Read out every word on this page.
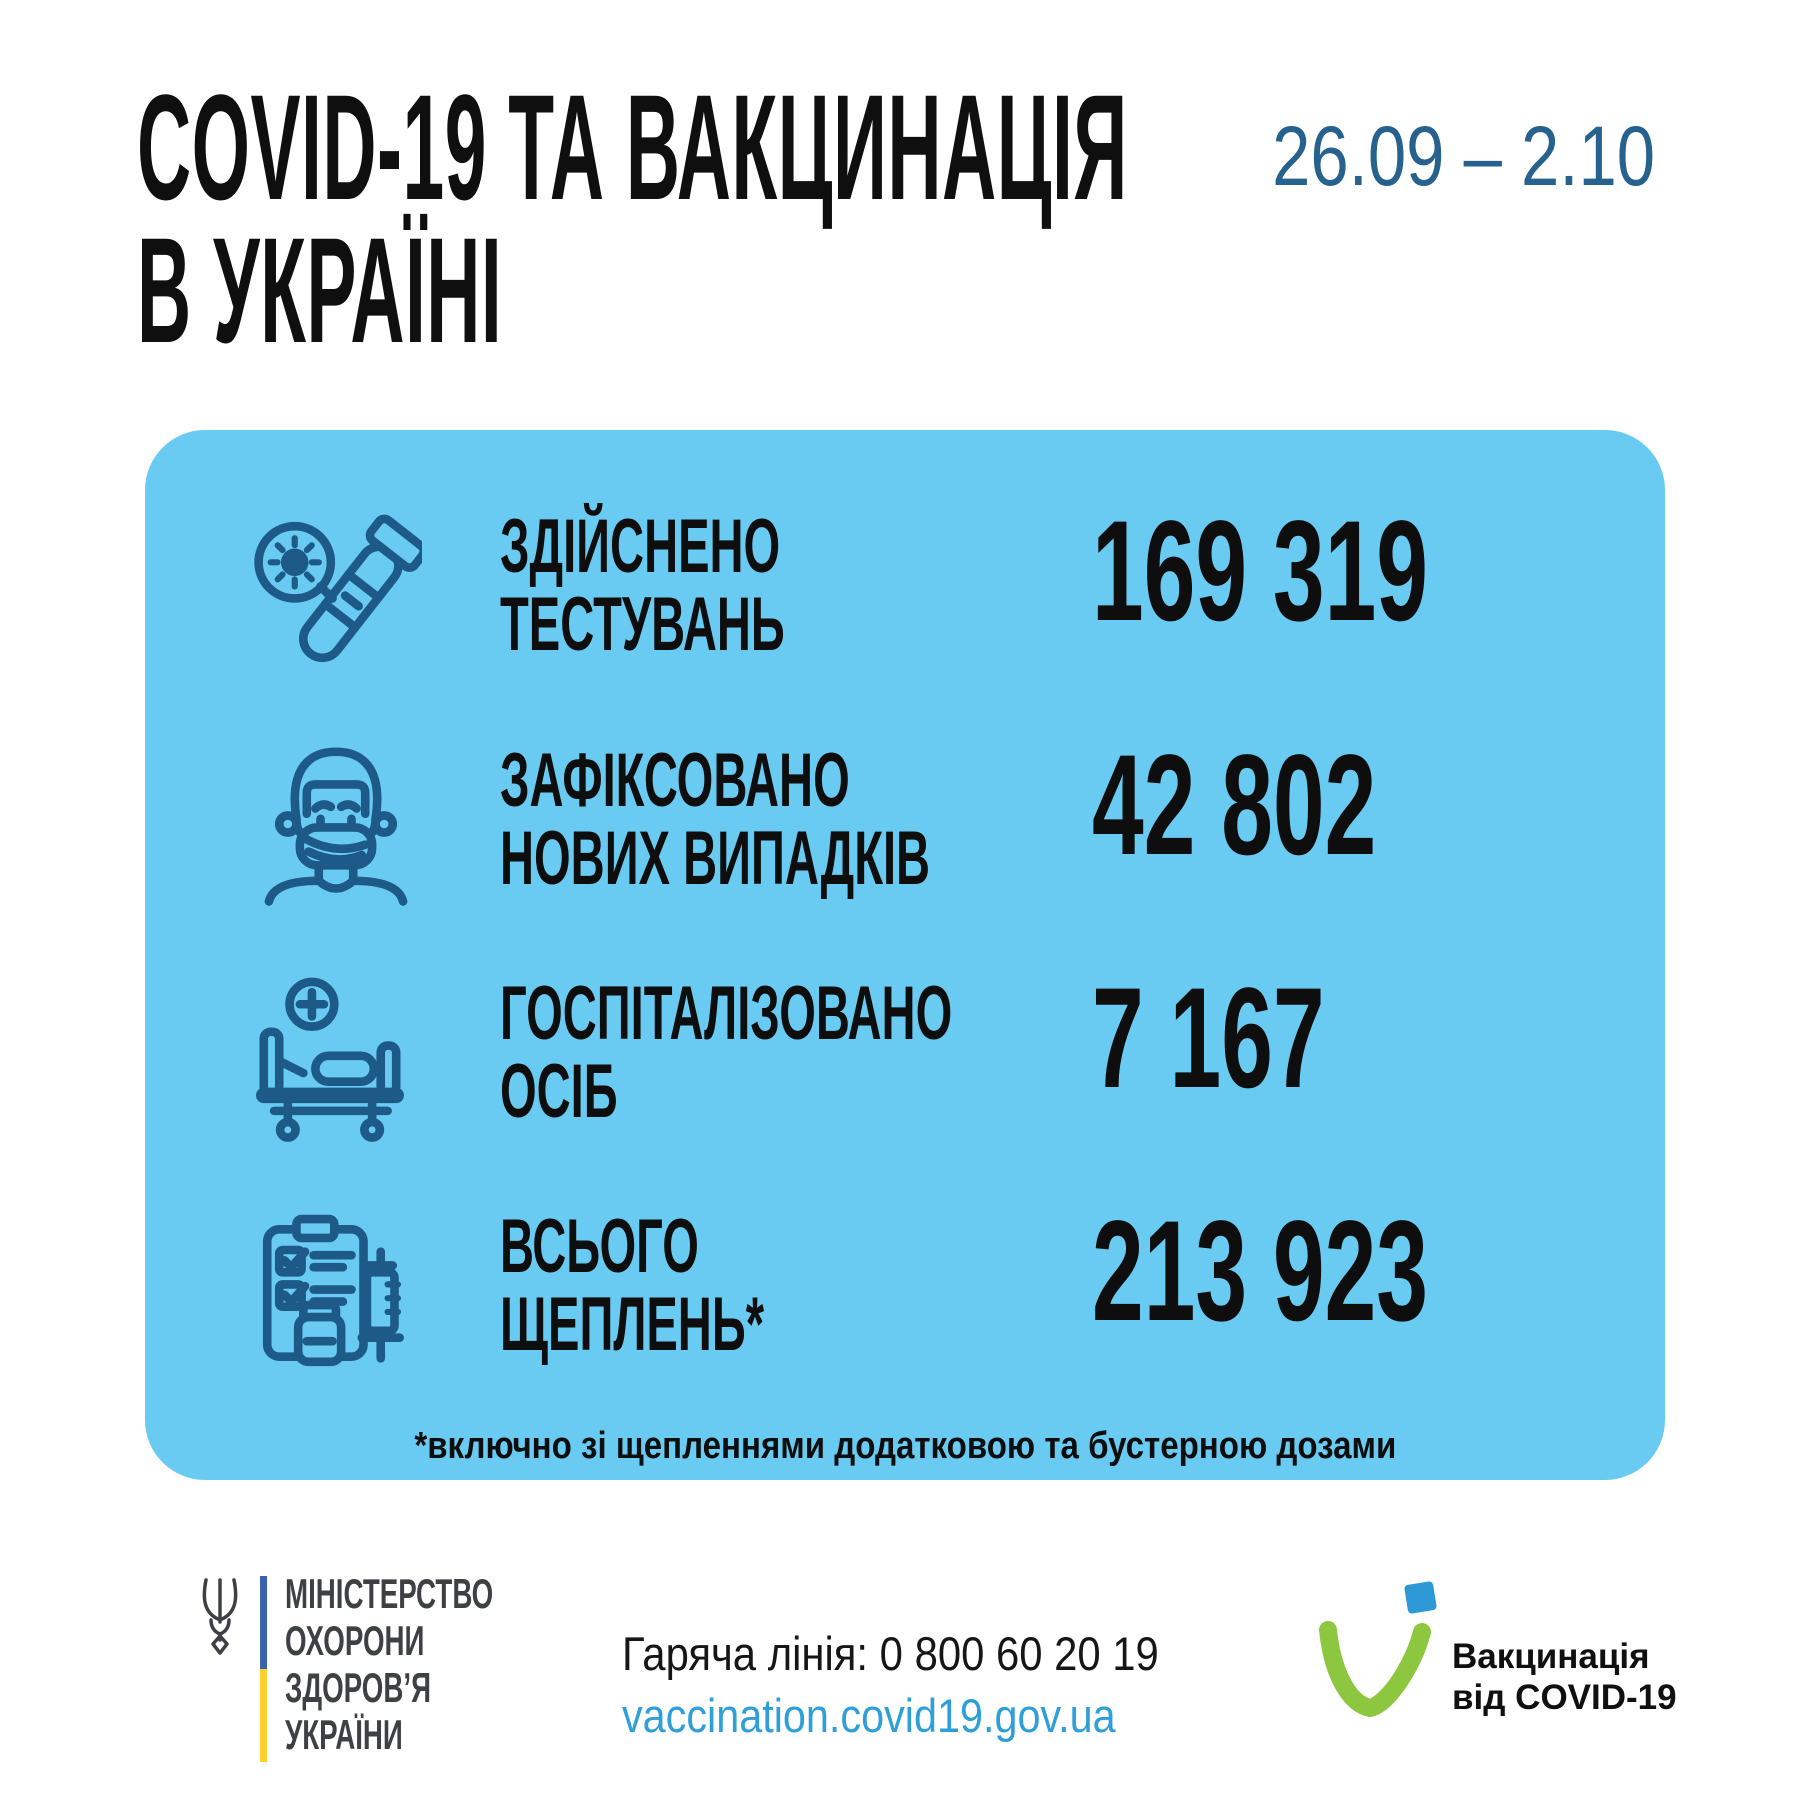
COVID-19 ТА ВАКЦИНАЦІЯ
В УКРАЇНІ
26.09 – 2.10
ЗДІЙСНЕНО
ТЕСТУВАНЬ 169 319
ЗАФІКСОВАНО
НОВИХ ВИПАДКІВ 42 802
ГОСПІТАЛІЗОВАНО
ОСІБ	7 167
ВСЬОГО
ЩЕПЛЕНЬ* 213 923
*включно зі щепленнями додатковою та бустерною дозами
МІНІСТЕРСТВО
ОХОРОНИ
ЗДОРОВ’Я
УКРАЇНИ
Гаряча лінія: 0 800 60 20 19
vaccination.covid19.gov.ua
Вакцинація
від COVID-19
